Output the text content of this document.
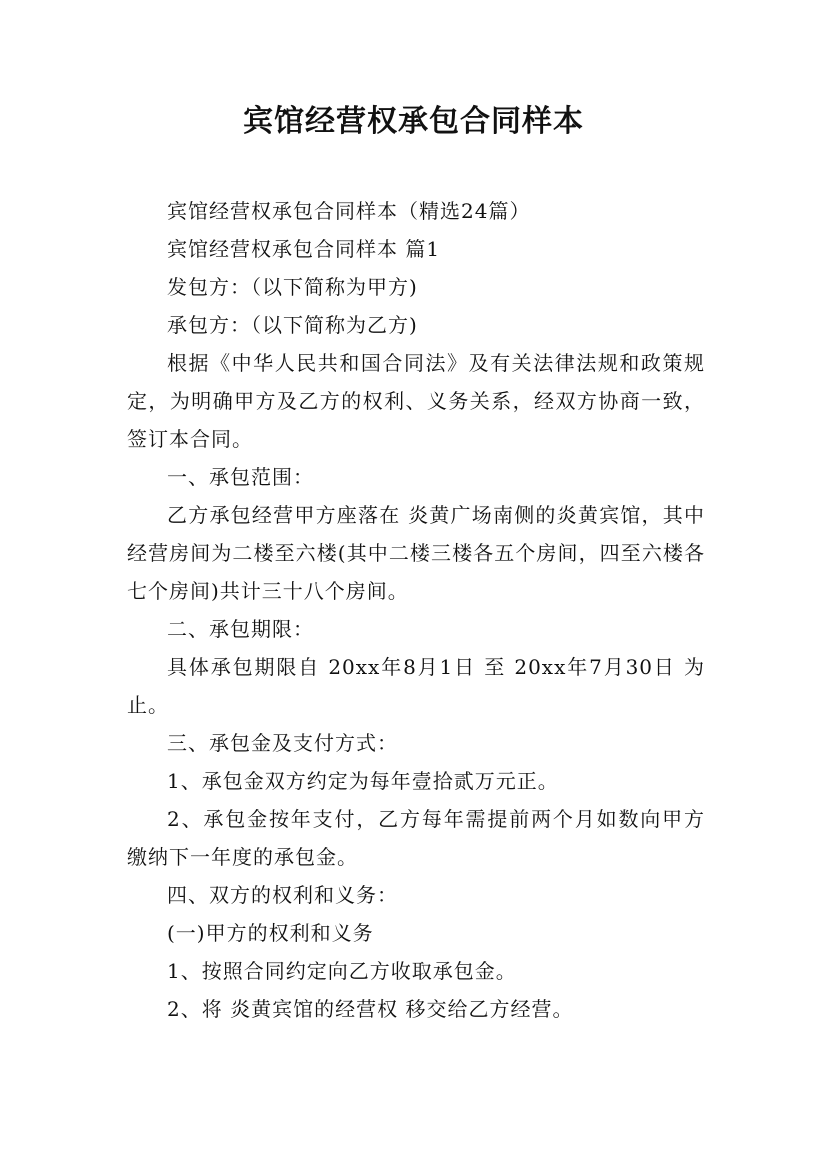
宾馆经营权承包合同样本

宾馆经营权承包合同样本（精选24篇）

宾馆经营权承包合同样本 篇1

发包方：（以下简称为甲方)

承包方：（以下简称为乙方)

根据《中华人民共和国合同法》及有关法律法规和政策规定，为明确甲方及乙方的权利、义务关系，经双方协商一致，签订本合同。

一、承包范围：

乙方承包经营甲方座落在 炎黄广场南侧的炎黄宾馆，其中经营房间为二楼至六楼(其中二楼三楼各五个房间，四至六楼各七个房间)共计三十八个房间。

二、承包期限：

具体承包期限自 20xx年8月1日 至 20xx年7月30日 为止。

三、承包金及支付方式：

1、承包金双方约定为每年壹拾贰万元正。

2、承包金按年支付，乙方每年需提前两个月如数向甲方缴纳下一年度的承包金。

四、双方的权利和义务：

(一)甲方的权利和义务

1、按照合同约定向乙方收取承包金。

2、将 炎黄宾馆的经营权 移交给乙方经营。
